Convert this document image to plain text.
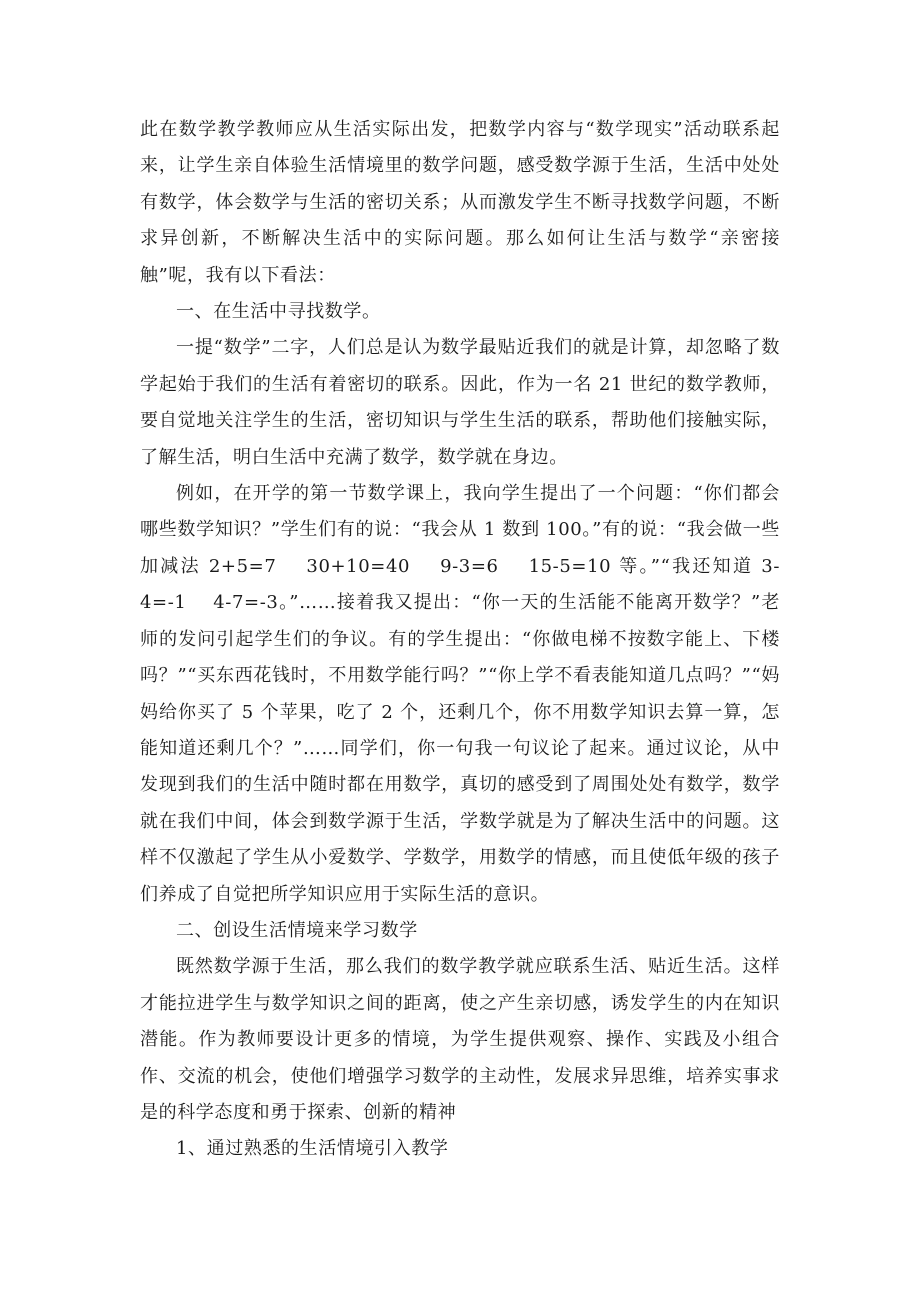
此在数学教学教师应从生活实际出发，把数学内容与“数学现实”活动联系起来，让学生亲自体验生活情境里的数学问题，感受数学源于生活，生活中处处有数学，体会数学与生活的密切关系；从而激发学生不断寻找数学问题，不断求异创新，不断解决生活中的实际问题。那么如何让生活与数学“亲密接触”呢，我有以下看法：

一、在生活中寻找数学。

一提“数学”二字，人们总是认为数学最贴近我们的就是计算，却忽略了数学起始于我们的生活有着密切的联系。因此，作为一名 21 世纪的数学教师，要自觉地关注学生的生活，密切知识与学生生活的联系，帮助他们接触实际，了解生活，明白生活中充满了数学，数学就在身边。

例如，在开学的第一节数学课上，我向学生提出了一个问题：“你们都会哪些数学知识？”学生们有的说：“我会从 1 数到 100。”有的说：“我会做一些加减法 2+5=7　 30+10=40　 9-3=6　 15-5=10 等。”“我还知道 3-4=-1　 4-7=-3。”……接着我又提出：“你一天的生活能不能离开数学？”老师的发问引起学生们的争议。有的学生提出：“你做电梯不按数字能上、下楼吗？”“买东西花钱时，不用数学能行吗？”“你上学不看表能知道几点吗？”“妈妈给你买了 5 个苹果，吃了 2 个，还剩几个，你不用数学知识去算一算，怎能知道还剩几个？”……同学们，你一句我一句议论了起来。通过议论，从中发现到我们的生活中随时都在用数学，真切的感受到了周围处处有数学，数学就在我们中间，体会到数学源于生活，学数学就是为了解决生活中的问题。这样不仅激起了学生从小爱数学、学数学，用数学的情感，而且使低年级的孩子们养成了自觉把所学知识应用于实际生活的意识。

二、创设生活情境来学习数学

既然数学源于生活，那么我们的数学教学就应联系生活、贴近生活。这样才能拉进学生与数学知识之间的距离，使之产生亲切感，诱发学生的内在知识潜能。作为教师要设计更多的情境，为学生提供观察、操作、实践及小组合作、交流的机会，使他们增强学习数学的主动性，发展求异思维，培养实事求是的科学态度和勇于探索、创新的精神

1、通过熟悉的生活情境引入教学
